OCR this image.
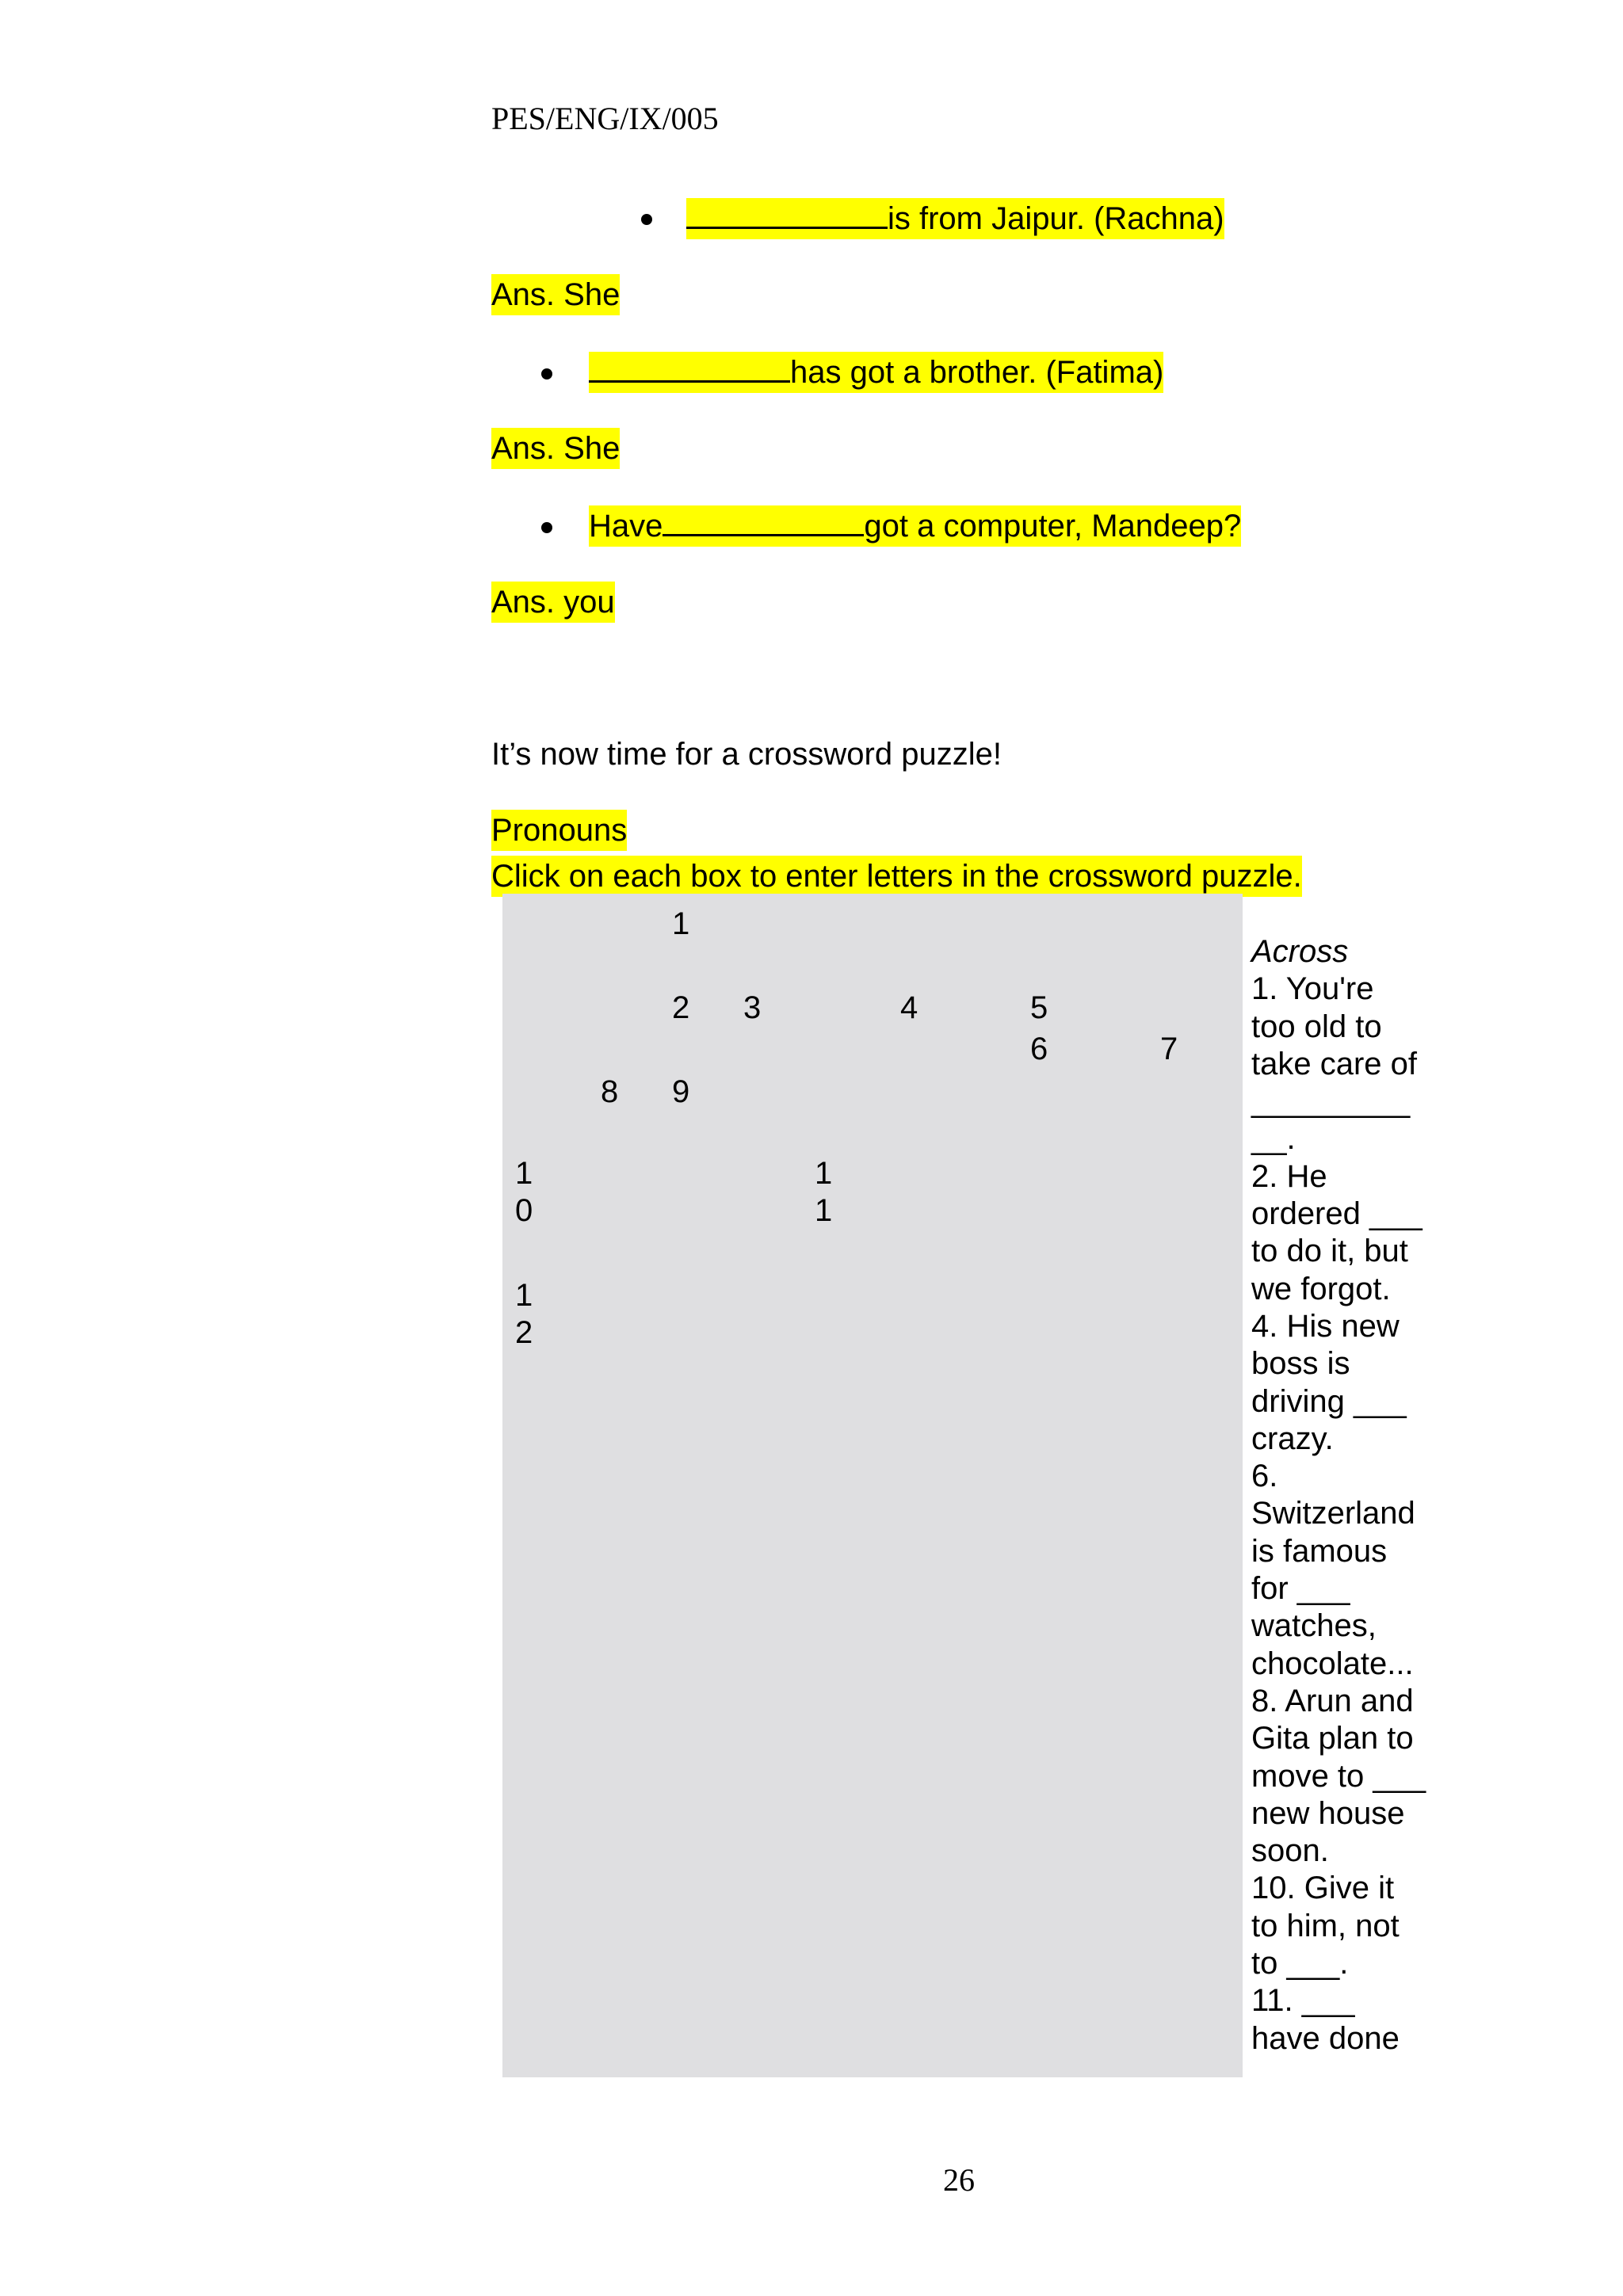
PES/ENG/IX/005
is from Jaipur. (Rachna)
Ans. She
has got a brother. (Fatima)
Ans. She
Have	got a computer, Mandeep?
Ans. you
It’s now time for a crossword puzzle!
Pronouns
Click on each box to enter letters in the crossword puzzle.
1
2 3	4	5
6	7
8 9
1
0
1
1
1
2
Across
1. You're
too old to
take care of
_________
__.
2. He
ordered ___
to do it, but
we forgot.
4. His new
boss is
driving ___
crazy.
6.
Switzerland
is famous
for ___
watches,
chocolate...
8. Arun and
Gita plan to
move to ___
new house
soon.
10. Give it
to him, not
to ___.
11. ___
have done
26
